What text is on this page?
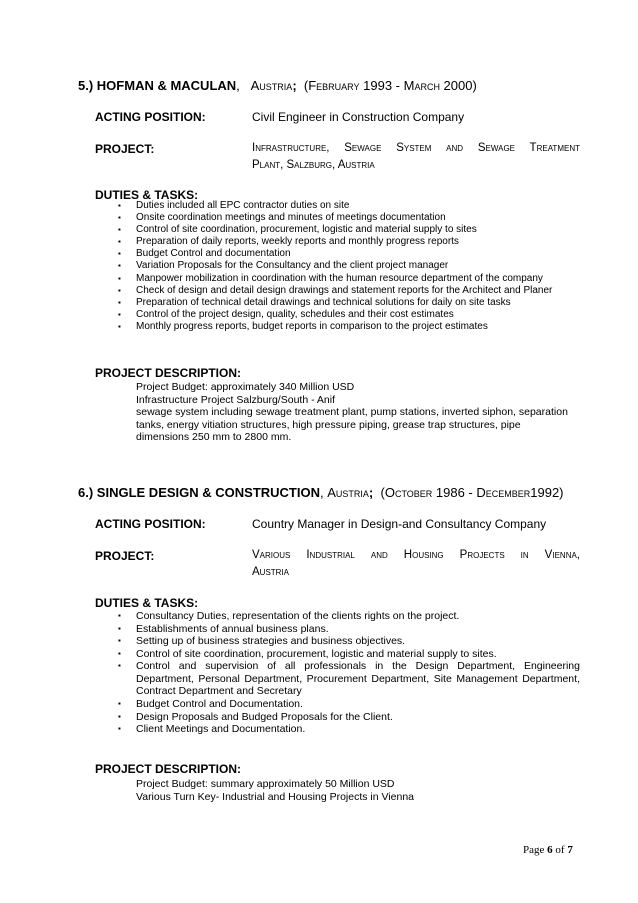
5.) HOFMAN & MACULAN, Austria; (February 1993 - March 2000)
ACTING POSITION:	Civil Engineer in Construction Company
PROJECT:	Infrastructure, Sewage System and Sewage Treatment
Plant, Salzburg, Austria
DUTIES & TASKS:
▪ Duties included all EPC contractor duties on site
▪ Onsite coordination meetings and minutes of meetings documentation
▪ Control of site coordination, procurement, logistic and material supply to sites
▪ Preparation of daily reports, weekly reports and monthly progress reports
▪ Budget Control and documentation
▪ Variation Proposals for the Consultancy and the client project manager
▪ Manpower mobilization in coordination with the human resource department of the company
▪ Check of design and detail design drawings and statement reports for the Architect and Planer
▪ Preparation of technical detail drawings and technical solutions for daily on site tasks
▪ Control of the project design, quality, schedules and their cost estimates
▪ Monthly progress reports, budget reports in comparison to the project estimates
PROJECT DESCRIPTION:
Project Budget: approximately 340 Million USD
Infrastructure Project Salzburg/South - Anif
sewage system including sewage treatment plant, pump stations, inverted siphon, separation
tanks, energy vitiation structures, high pressure piping, grease trap structures, pipe
dimensions 250 mm to 2800 mm.
6.) SINGLE DESIGN & CONSTRUCTION, Austria; (October 1986 - December1992)
ACTING POSITION:	Country Manager in Design-and Consultancy Company
PROJECT:	Various Industrial and Housing Projects in Vienna,
Austria
DUTIES & TASKS:
▪ Consultancy Duties, representation of the clients rights on the project.
▪ Establishments of annual business plans.
▪ Setting up of business strategies and business objectives.
▪ Control of site coordination, procurement, logistic and material supply to sites.
▪ Control and supervision of all professionals in the Design Department, Engineering Department, Personal Department, Procurement Department, Site Management Department, Contract Department and Secretary
▪ Budget Control and Documentation.
▪ Design Proposals and Budged Proposals for the Client.
▪ Client Meetings and Documentation.
PROJECT DESCRIPTION:
Project Budget: summary approximately 50 Million USD
Various Turn Key- Industrial and Housing Projects in Vienna
Page 6 of 7
